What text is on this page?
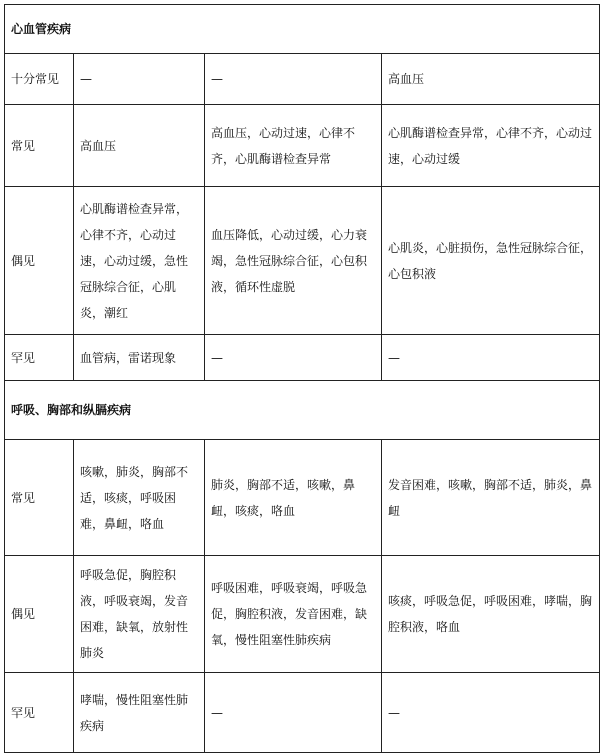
心血管疾病			
十分常见	—	—	高血压
常见	高血压	高血压，心动过速，心律不齐，心肌酶谱检查异常	心肌酶谱检查异常，心律不齐，心动过速，心动过缓
偶见	心肌酶谱检查异常，心律不齐，心动过速，心动过缓，急性冠脉综合征，心肌炎，潮红	血压降低，心动过缓，心力衰竭，急性冠脉综合征，心包积液，循环性虚脱	心肌炎，心脏损伤，急性冠脉综合征，心包积液
罕见	血管病，雷诺现象	—	—
呼吸、胸部和纵膈疾病			
常见	咳嗽，肺炎，胸部不适，咳痰，呼吸困难，鼻衄，咯血	肺炎，胸部不适，咳嗽，鼻衄，咳痰，咯血	发音困难，咳嗽，胸部不适，肺炎，鼻衄
偶见	呼吸急促，胸腔积液，呼吸衰竭，发音困难，缺氧，放射性肺炎	呼吸困难，呼吸衰竭，呼吸急促，胸腔积液，发音困难，缺氧，慢性阻塞性肺疾病	咳痰，呼吸急促，呼吸困难，哮喘，胸腔积液，咯血
罕见	哮喘，慢性阻塞性肺疾病	—	—
